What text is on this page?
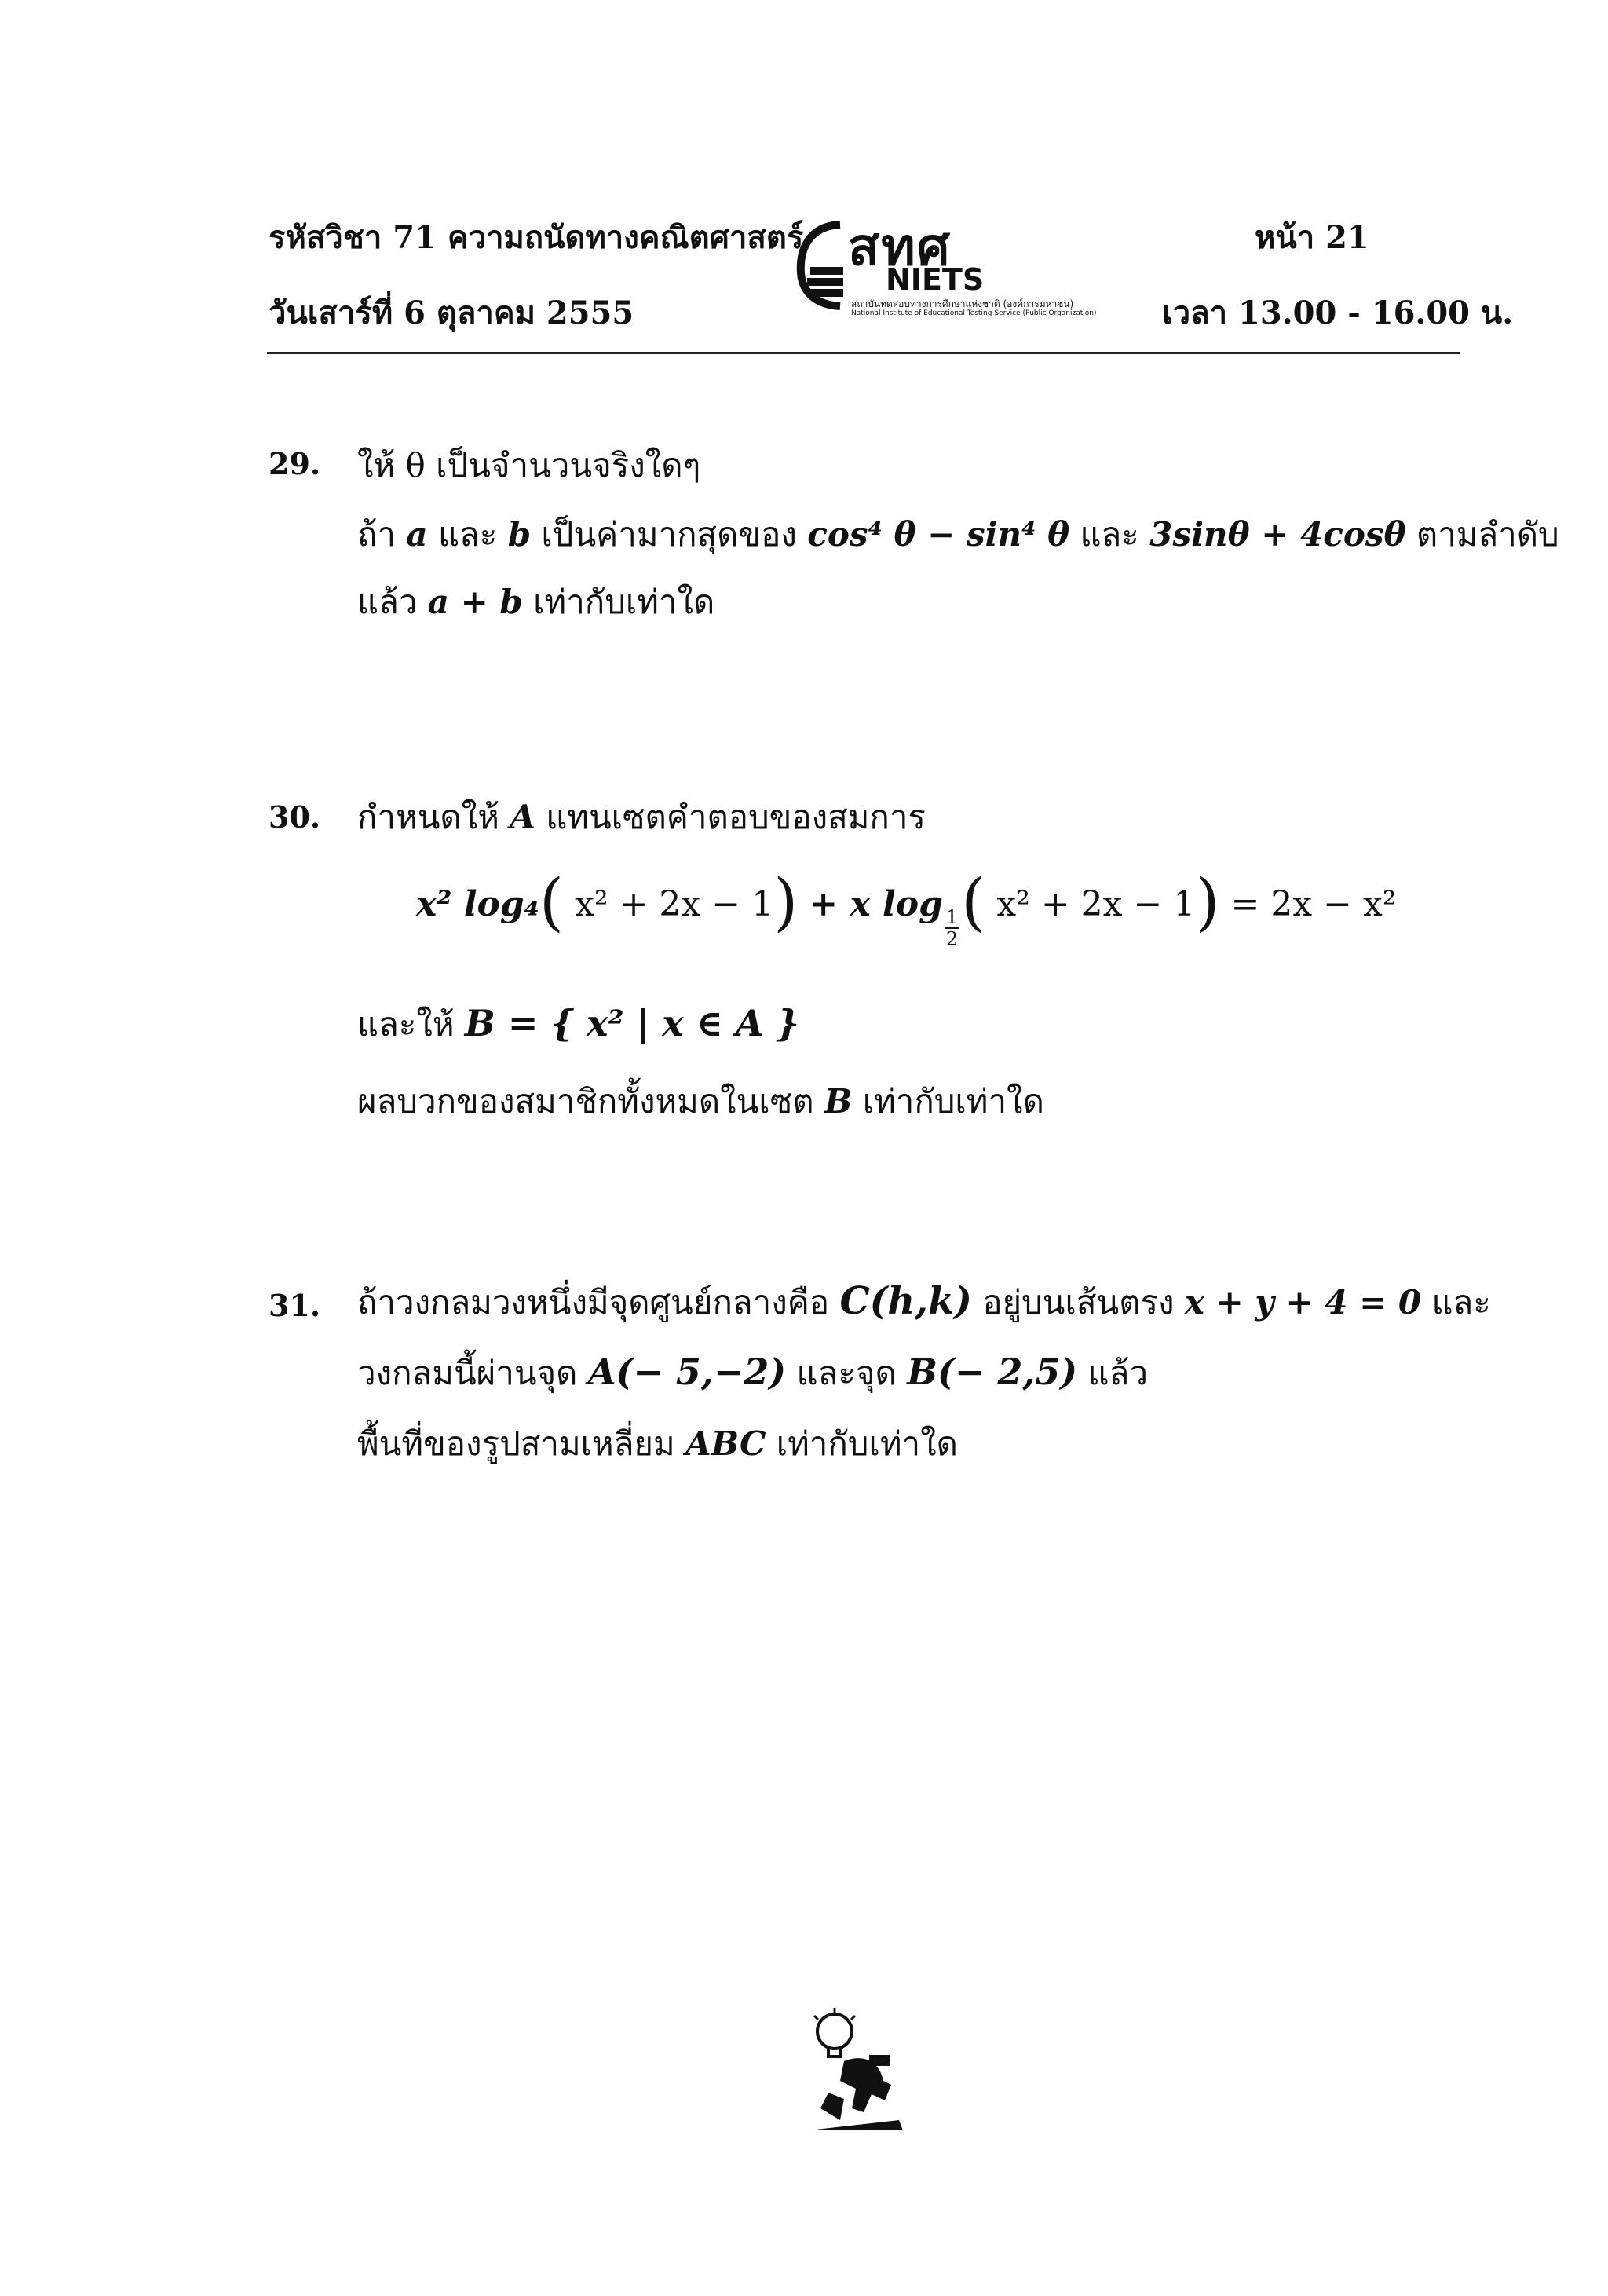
รหัสวิชา 71 ความถนัดทางคณิตศาสตร์
วันเสาร์ที่ 6 ตุลาคม 2555
หน้า 21
เวลา 13.00 - 16.00 น.
สทศ
NIETS
สถาบันทดสอบทางการศึกษาแห่งชาติ (องค์การมหาชน)
National Institute of Educational Testing Service (Public Organization)
29. ให้ θ เป็นจำนวนจริงใดๆ
ถ้า a และ b เป็นค่ามากสุดของ cos⁴ θ − sin⁴ θ และ 3sinθ + 4cosθ ตามลำดับ
แล้ว a + b เท่ากับเท่าใด
30. กำหนดให้ A แทนเซตคำตอบของสมการ
x² log₄( x² + 2x − 1) + x log
$\frac{1}{2}$ ( x² + 2x − 1) = 2x − x²
และให้ B = { x² | x ∈ A }
ผลบวกของสมาชิกทั้งหมดในเซต B เท่ากับเท่าใด
31. ถ้าวงกลมวงหนึ่งมีจุดศูนย์กลางคือ C(h,k) อยู่บนเส้นตรง x + y + 4 = 0 และ
วงกลมนี้ผ่านจุด A(− 5,−2) และจุด B(− 2,5) แล้ว
พื้นที่ของรูปสามเหลี่ยม ABC เท่ากับเท่าใด
